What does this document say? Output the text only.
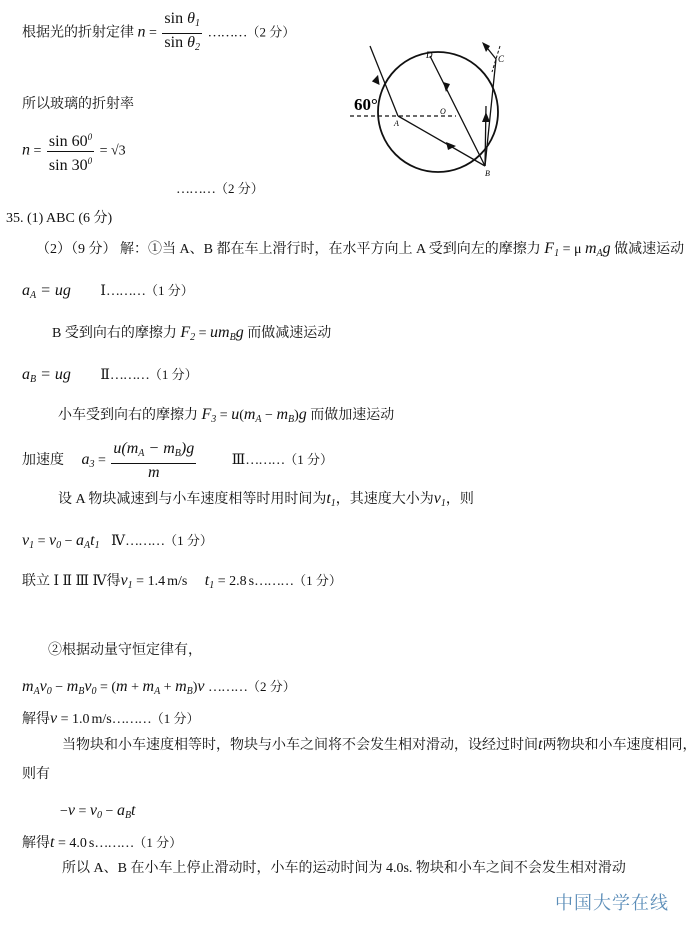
根据光的折射定律 $n = \frac{\sin \theta_1}{\sin \theta_2}$ ………（2 分）
所以玻璃的折射率
$n = \frac{\sin 60^0}{\sin 30^0} = √3$
………（2 分）
60°
A
B
C
D
O
35. (1) ABC (6 分)
（2）（9 分） 解：①当 A、B 都在车上滑行时，在水平方向上 A 受到向左的摩擦力 $F_1 = \mu$ $m_Ag$ 做减速运动
$a_A$ = ug Ⅰ………（1 分）
B 受到向右的摩擦力 $F_2 = um_Bg$ 而做减速运动
$a_B$ = ug Ⅱ………（1 分）
小车受到向右的摩擦力 $F_3 = u(m_A - m_B)g$ 而做加速运动
加速度 $a_3 = \frac{u(m_A - m_B)g}{m}$	Ⅲ………（1 分）
设 A 物块减速到与小车速度相等时用时间为$t_1$，其速度大小为$v_1$，则
$v_1 = v_0 - a_At_1$ Ⅳ………（1 分）
联立 Ⅰ Ⅱ Ⅲ Ⅳ得$v_1 = 1.4$ m/s $t_1 = 2.8$ s………（1 分）
②根据动量守恒定律有，
$m_Av_0 - m_Bv_0 = (m + m_A + m_B)v$ ………（2 分）
解得v = 1.0 m/s………（1 分）
当物块和小车速度相等时，物块与小车之间将不会发生相对滑动，设经过时间t两物块和小车速度相同，
则有
$-v = v_0 - a_Bt$
解得t = 4.0 s………（1 分）
所以 A、B 在小车上停止滑动时，小车的运动时间为 4.0s. 物块和小车之间不会发生相对滑动
中国大学在线
